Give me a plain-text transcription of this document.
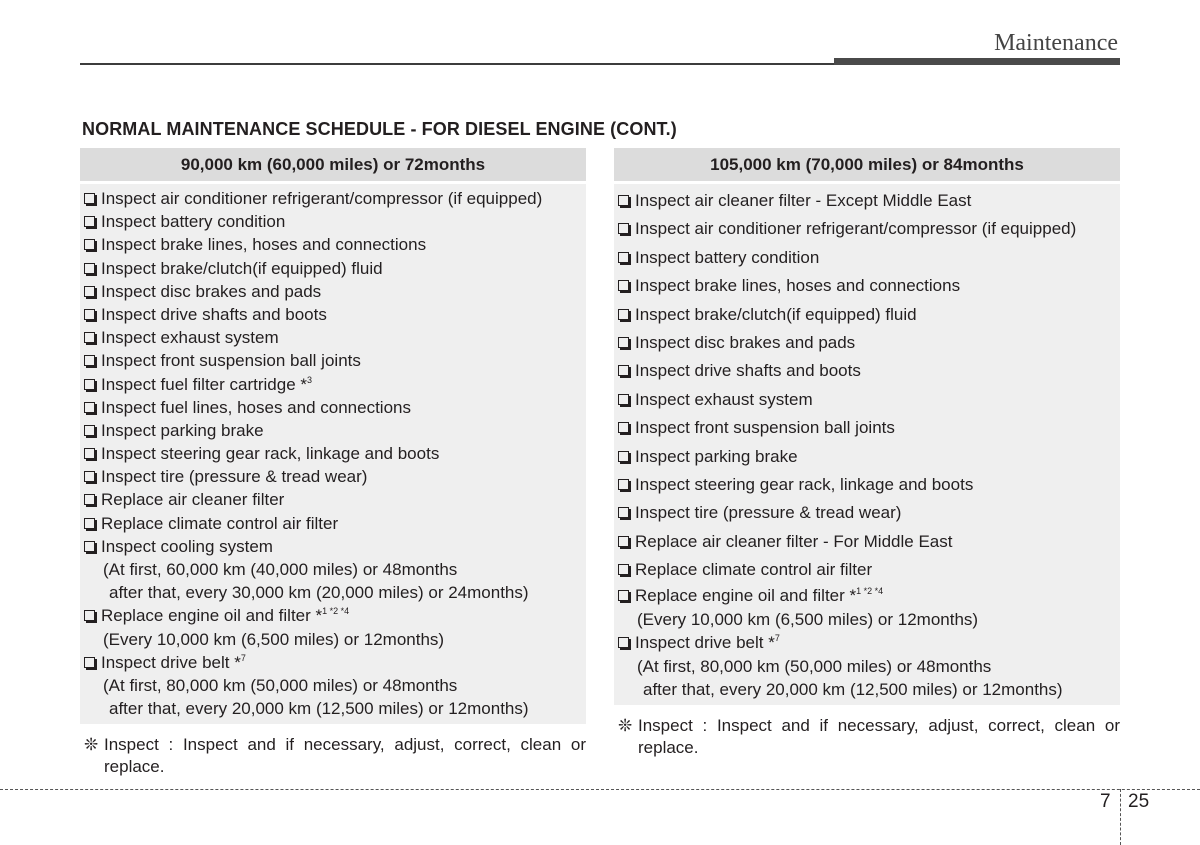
Maintenance
NORMAL MAINTENANCE SCHEDULE - FOR DIESEL ENGINE (CONT.)
90,000 km (60,000 miles) or 72months
Inspect air conditioner refrigerant/compressor (if equipped)
Inspect battery condition
Inspect brake lines, hoses and connections
Inspect brake/clutch(if equipped) fluid
Inspect disc brakes and pads
Inspect drive shafts and boots
Inspect exhaust system
Inspect front suspension ball joints
Inspect fuel filter cartridge *$^3$
Inspect fuel lines, hoses and connections
Inspect parking brake
Inspect steering gear rack, linkage and boots
Inspect tire (pressure & tread wear)
Replace air cleaner filter
Replace climate control air filter
Inspect cooling system
(At first, 60,000 km (40,000 miles) or 48months
after that, every 30,000 km (20,000 miles) or 24months)
Replace engine oil and filter *$^{1 *2 *4}$
(Every 10,000 km (6,500 miles) or 12months)
Inspect drive belt *$^7$
(At first, 80,000 km (50,000 miles) or 48months
after that, every 20,000 km (12,500 miles) or 12months)
❊ Inspect : Inspect and if necessary, adjust, correct, clean or replace.
105,000 km (70,000 miles) or 84months
Inspect air cleaner filter - Except Middle East
Inspect air conditioner refrigerant/compressor (if equipped)
Inspect battery condition
Inspect brake lines, hoses and connections
Inspect brake/clutch(if equipped) fluid
Inspect disc brakes and pads
Inspect drive shafts and boots
Inspect exhaust system
Inspect front suspension ball joints
Inspect parking brake
Inspect steering gear rack, linkage and boots
Inspect tire (pressure & tread wear)
Replace air cleaner filter - For Middle East
Replace climate control air filter
Replace engine oil and filter *$^{1 *2 *4}$
(Every 10,000 km (6,500 miles) or 12months)
Inspect drive belt *$^7$
(At first, 80,000 km (50,000 miles) or 48months
after that, every 20,000 km (12,500 miles) or 12months)
❊ Inspect : Inspect and if necessary, adjust, correct, clean or replace.
7 25
